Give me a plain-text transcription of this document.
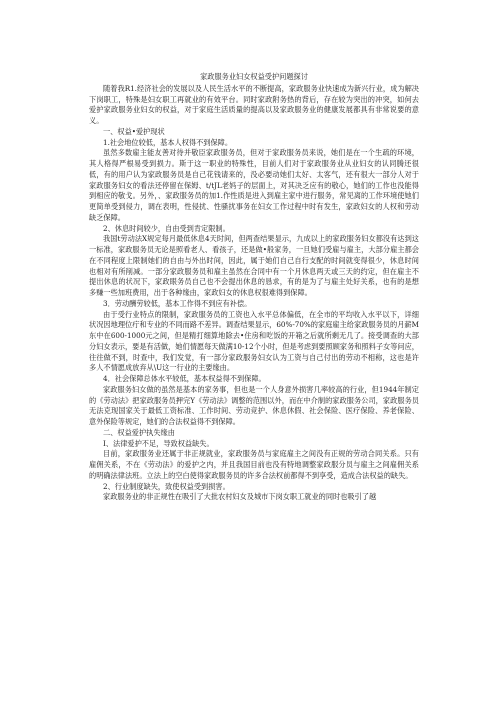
家政服务业妇女权益受护问题探讨

随着我R1.经济社会的发展以及人民生活水平的不断提高，家政服务业快速成为新兴行业，成为解决下岗职工，特殊是妇女职工再就业的有效平台。同时家政附务热的背后，存在较为突出的冲突，如何去爱护家政服务业妇女的权益，对于家庭生活质量的提高以及家政服务业的健康发展都具有非常说要的意义。

一、权益•爱护现状

1.社会地位较低，基本人权得不到保障。

虽然多数雇主能友善对待并敬臣家政服务员，但对于家政服务员来说，她们是在一个生疏的环境，其人格得严根易受到损力。斯于这一职业的特殊性，目前人们对于家政服务业从业妇女的认同腾还很低，有的用户认为家政服务员是自己花钱请来的，没必要动她们太好、太客气，还有很大一部分人对于家政服务妇女的看法还停留在保姆、t/tJL老妈子的层面上，对其决乏应有的敬心，她们的工作也没能得到相应的敬戈。另外，、家政服务员的加1.作性质是进入到雇主家中进行服务，常见离的工作环境使她们更简单受到侵力，调在表明，性侵扰、性骚扰事务在妇女工作过程中时有发生，家政妇女的人权和劳动缺乏保障。

2、休息时间较少，自由受到肯定限制。

我国t劳动法X规定每月最低休息4天时间，但两查结果显示，九成以上的家政服务妇女都没有达到这一标准，家政服务员无论是照看老人、看孩子，还是做•般家务，一旦她们受雇与雇主，大部分雇主都会在不同程度上限制她们的自由与外出时间，因此，属于她们自己自行支配的时间就变得很少，休息时间也相对有所削减。一部分家政服务员和雇主虽然在合同中有一个月休息两天或三天的约定，但在雇主不提出休息的状况下，家政眼务员自己也不会提出休息的恳求，有的是为了与雇主处好关系，也有的是想多赚一些加班费用，出于各种缘由，家政妇女的休息权很难得到保障。

3．劳动酬劳较低，基本工作得不到应有补偿。

由于受行业特点的限制，家政服务员的工资也入水平总体偏低，在全市的平均收入水平以下，详细状况因地理位疔和专业的不同而路不差异。调查结果显示，60%-70%的家庭雇主给家政服务员的月薪M东中在600-1000元之间，但是精打细算地除去•住房和吃饭的开箱之后就所剩无几了。接受调查的大部分妇女表示，要是有活做，她们情愿每天做满10-12个小时，但是考虑到要照顾家务和照料子女等问应，往往做不到，时查中，我们发觉，有一部分家政服务妇女认为工资与自己付出的劳动不相称，这也是许多人不情愿成放弃从\U这一行业的主要缘由。

4．社会保障总体水平较低，基本权益得不到保障。

家政服务妇女做的虽然是基本的家务事，但也是一个人身意外损害几率较高的行业，但1944年制定的《劳动法》把家政服务员押完Y《劳动法》调整的范围以外，而在中介制的家政服务公司，家政服务员无法克现国家关于最低工资标准、工作时间、劳动竞护、休息休假、社会保险、医疗保险、养老保险、意外保险等规定，她们的合法权益得不到保障。

二、权益爱护执失缘由

I、法律爱护不足，导致权益缺失。

目前，家政服务业还属于非正规就业，家政服务员与家庭雇主之间没有正规的劳动合同关系。只有雇佣关系，不在《劳动法》的爱护之内，并且我国目前也没有特地调整家政服分员与雇主之间雇佣关系的明确法律法班。立法上的空白使得家政服务员的许多合法权前都得不到享受，造成合法权益的缺失。

2、行业制度缺失，致使权益受到损害。

家政服务业的非正规性在吸引了大批农村妇女及城市下岗女职工就业的同时也吸引了越
